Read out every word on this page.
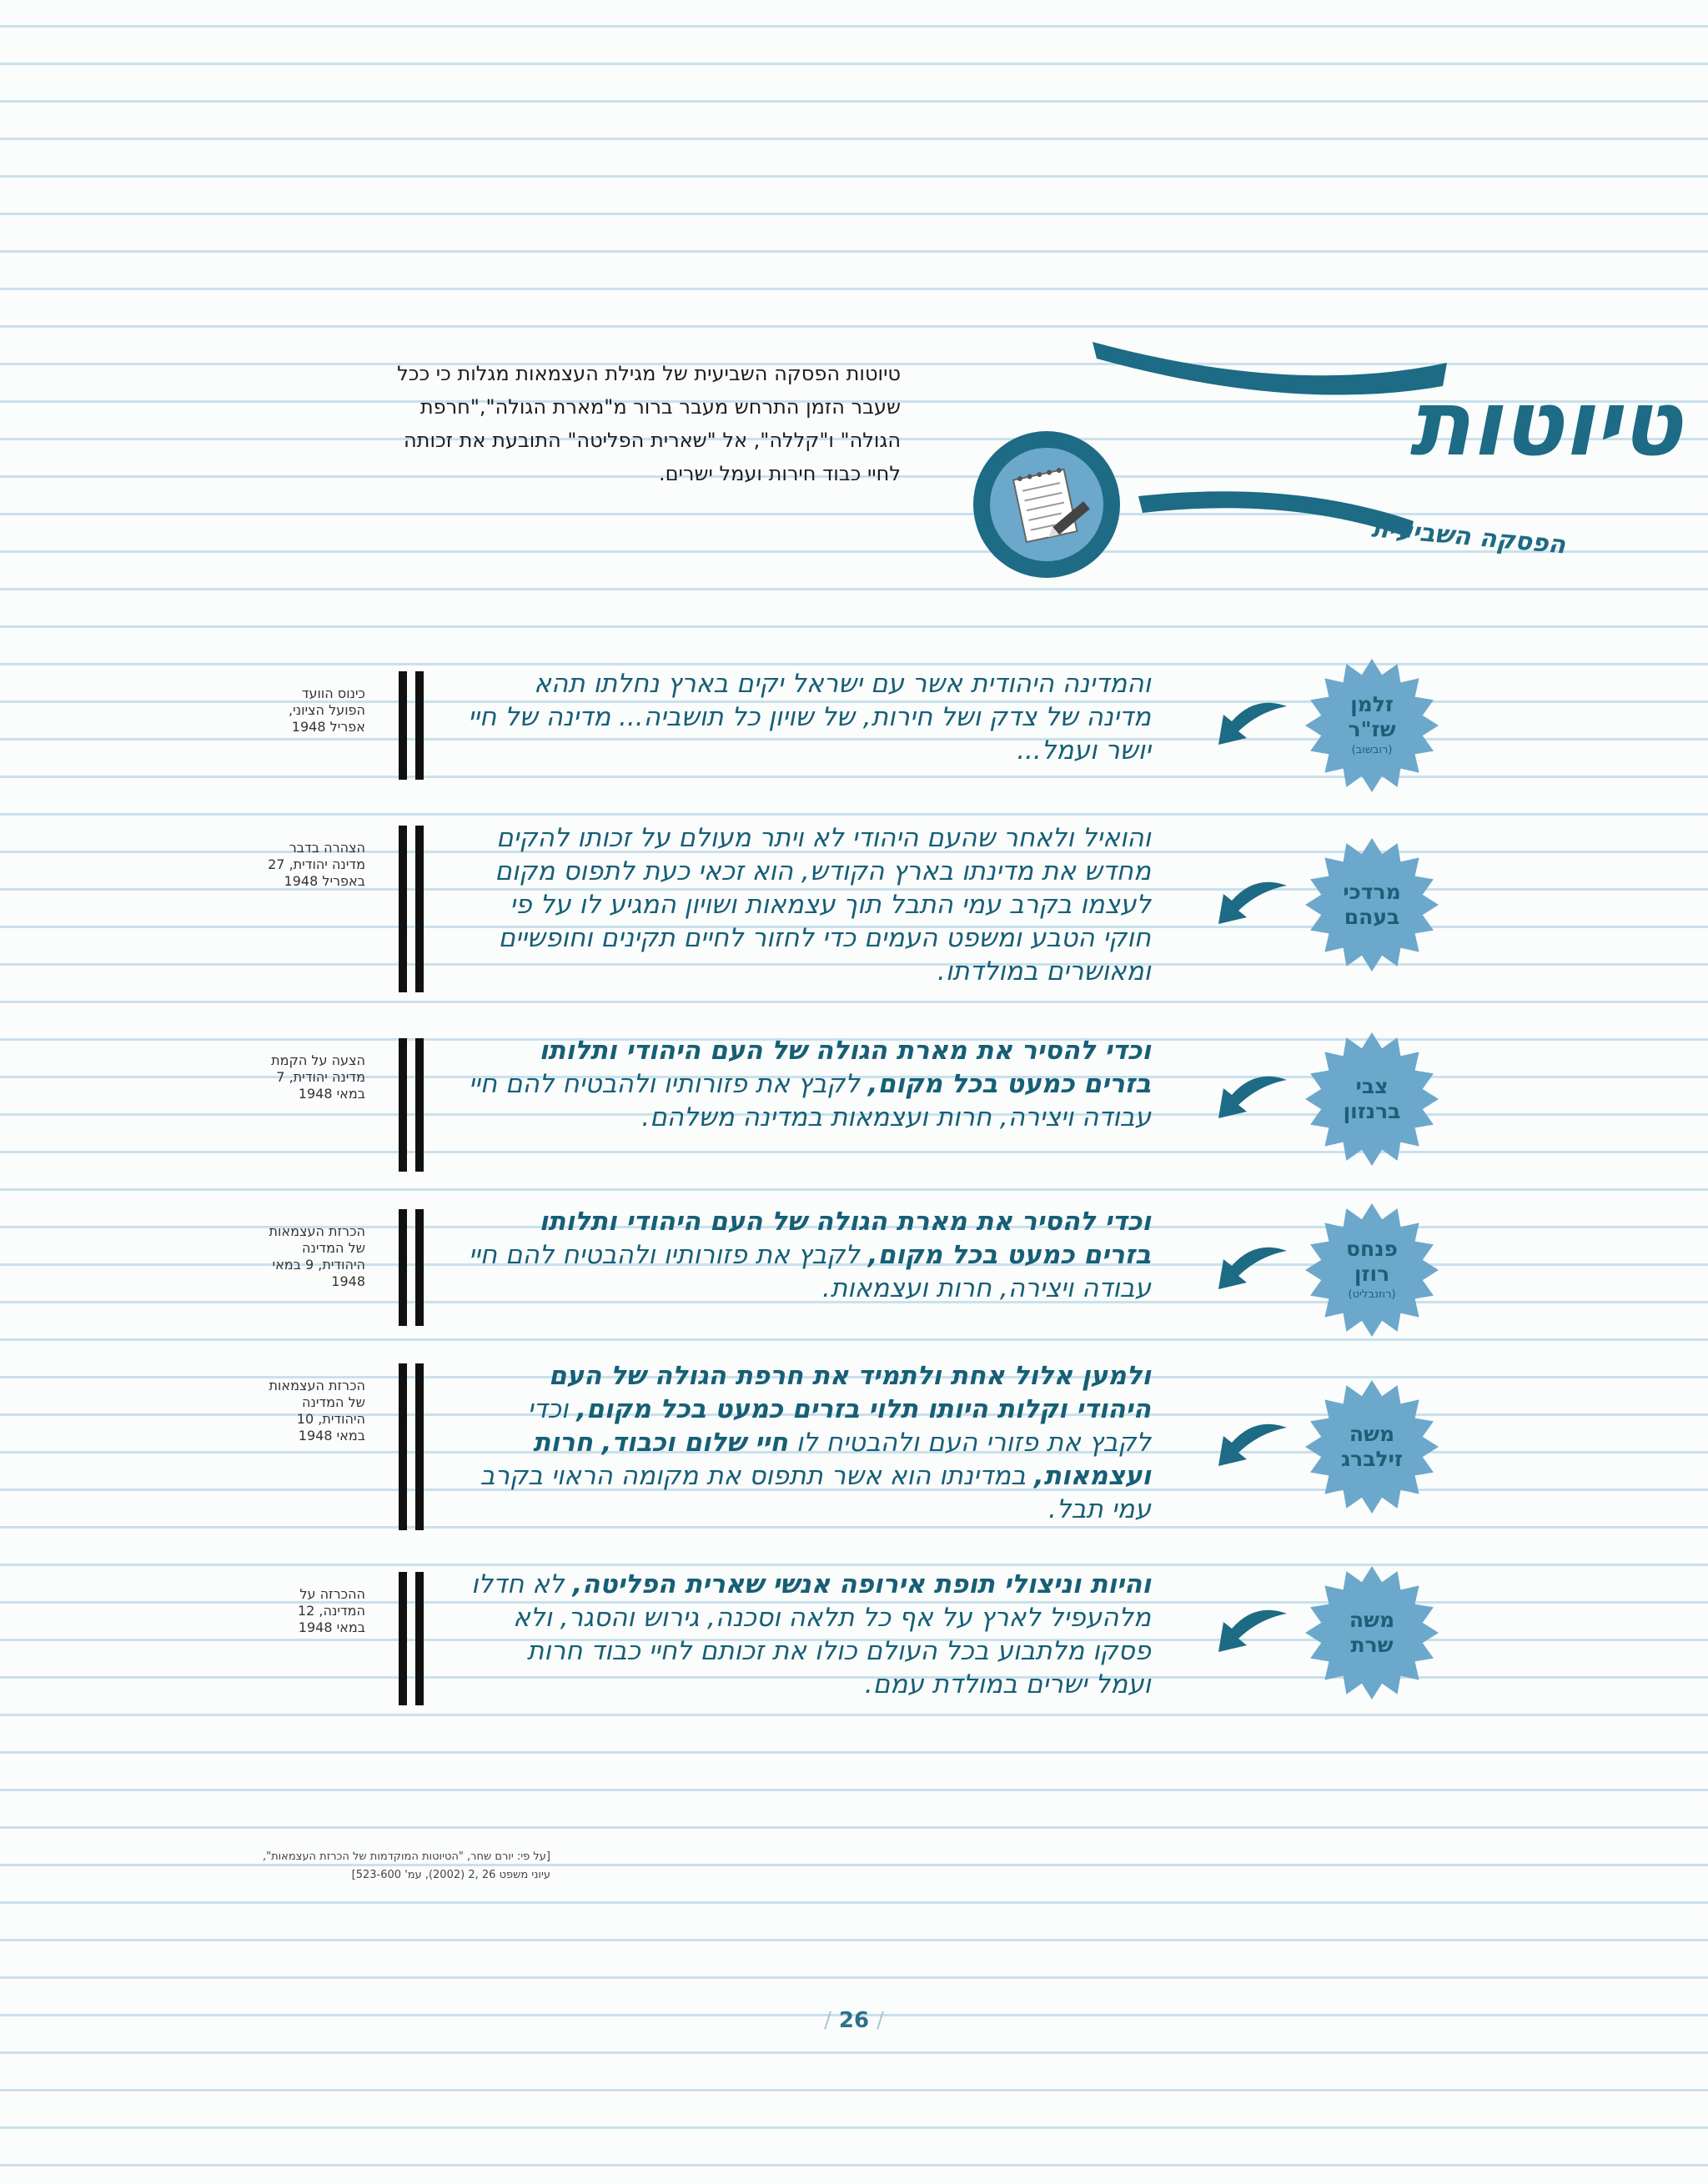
טיוטות
הפסקה השביעית
טיוטות הפסקה השביעית של מגילת העצמאות מגלות כי ככל שעבר הזמן התרחש מעבר ברור מ"מארת הגולה","חרפת הגולה" ו"קללה", אל "שארית הפליטה" התובעת את זכותה לחיי כבוד חירות ועמל ישרים.
זלמן
שז"ר
(רובשוב)
והמדינה היהודית אשר עם ישראל יקים בארץ נחלתו תהא מדינה של צדק ושל חירות, של שויון כל תושביה... מדינה של חיי יושר ועמל...
כינוס הוועד הפועל הציוני, אפריל 1948
מרדכי
בעהם
והואיל ולאחר שהעם היהודי לא ויתר מעולם על זכותו להקים מחדש את מדינתו בארץ הקודש, הוא זכאי כעת לתפוס מקום לעצמו בקרב עמי התבל תוך עצמאות ושויון המגיע לו על פי חוקי הטבע ומשפט העמים כדי לחזור לחיים תקינים וחופשיים ומאושרים במולדתו.
הצהרה בדבר מדינה יהודית, 27 באפריל 1948
צבי
ברנזון
וכדי להסיר את מארת הגולה של העם היהודי ותלותו בזרים כמעט בכל מקום, לקבץ את פזורותיו ולהבטיח להם חיי עבודה ויצירה, חרות ועצמאות במדינה משלהם.
הצעה על הקמת מדינה יהודית, 7 במאי 1948
פנחס
רוזן
(רוזנבליט)
וכדי להסיר את מארת הגולה של העם היהודי ותלותו בזרים כמעט בכל מקום, לקבץ את פזורותיו ולהבטיח להם חיי עבודה ויצירה, חרות ועצמאות.
הכרזת העצמאות של המדינה היהודית, 9 במאי 1948
משה
זילברג
ולמען אלול אחת ולתמיד את חרפת הגולה של העם היהודי וקלות היותו תלוי בזרים כמעט בכל מקום, וכדי לקבץ את פזורי העם ולהבטיח לו חיי שלום וכבוד, חרות ועצמאות, במדינתו הוא אשר תתפוס את מקומה הראוי בקרב עמי תבל.
הכרזת העצמאות של המדינה היהודית, 10 במאי 1948
משה
שרת
והיות וניצולי תופת אירופה אנשי שארית הפליטה, לא חדלו מלהעפיל לארץ על אף כל תלאה וסכנה, גירוש והסגר, ולא פסקו מלתבוע בכל העולם כולו את זכותם לחיי כבוד חרות ועמל ישרים במולדת עמם.
ההכרזה על המדינה, 12 במאי 1948
[על פי: יורם שחר, "הטיוטות המוקדמות של הכרזת העצמאות", עיוני משפט 26 ,2 (2002), עמ' 523-600]
/ 26 /
